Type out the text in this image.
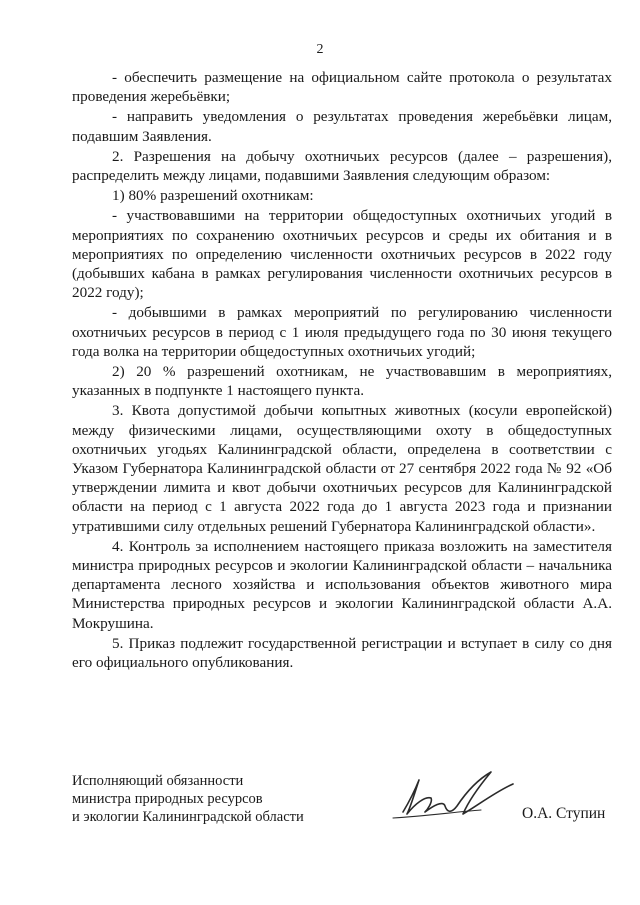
2

- обеспечить размещение на официальном сайте протокола о результатах проведения жеребьёвки;

- направить уведомления о результатах проведения жеребьёвки лицам, подавшим Заявления.

2. Разрешения на добычу охотничьих ресурсов (далее – разрешения), распределить между лицами, подавшими Заявления следующим образом:

1) 80% разрешений охотникам:

- участвовавшими на территории общедоступных охотничьих угодий в мероприятиях по сохранению охотничьих ресурсов и среды их обитания и в мероприятиях по определению численности охотничьих ресурсов в 2022 году (добывших кабана в рамках регулирования численности охотничьих ресурсов в 2022 году);

- добывшими в рамках мероприятий по регулированию численности охотничьих ресурсов в период с 1 июля предыдущего года по 30 июня текущего года волка на территории общедоступных охотничьих угодий;

2) 20 % разрешений охотникам, не участвовавшим в мероприятиях, указанных в подпункте 1 настоящего пункта.

3. Квота допустимой добычи копытных животных (косули европейской) между физическими лицами, осуществляющими охоту в общедоступных охотничьих угодьях Калининградской области, определена в соответствии с Указом Губернатора Калининградской области от 27 сентября 2022 года № 92 «Об утверждении лимита и квот добычи охотничьих ресурсов для Калининградской области на период с 1 августа 2022 года до 1 августа 2023 года и признании утратившими силу отдельных решений Губернатора Калининградской области».

4. Контроль за исполнением настоящего приказа возложить на заместителя министра природных ресурсов и экологии Калининградской области – начальника департамента лесного хозяйства и использования объектов животного мира Министерства природных ресурсов и экологии Калининградской области А.А. Мокрушина.

5. Приказ подлежит государственной регистрации и вступает в силу со дня его официального опубликования.

Исполняющий обязанности
министра природных ресурсов
и экологии Калининградской области	О.А. Ступин
